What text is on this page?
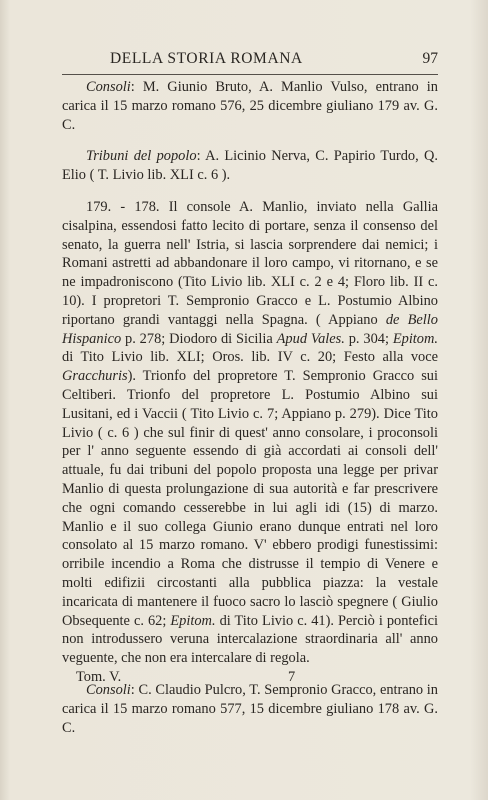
DELLA STORIA ROMANA	97

Consoli: M. Giunio Bruto, A. Manlio Vulso, entrano in carica il 15 marzo romano 576, 25 dicembre giuliano 179 av. G. C.

Tribuni del popolo: A. Licinio Nerva, C. Papirio Turdo, Q. Elio ( T. Livio lib. XLI c. 6 ).

179. - 178. Il console A. Manlio, inviato nella Gallia cisalpina, essendosi fatto lecito di portare, senza il consenso del senato, la guerra nell' Istria, si lascia sorprendere dai nemici; i Romani astretti ad abbandonare il loro campo, vi ritornano, e se ne impadroniscono (Tito Livio lib. XLI c. 2 e 4; Floro lib. II c. 10). I propretori T. Sempronio Gracco e L. Postumio Albino riportano grandi vantaggi nella Spagna. ( Appiano de Bello Hispanico p. 278; Diodoro di Sicilia Apud Vales. p. 304; Epitom. di Tito Livio lib. XLI; Oros. lib. IV c. 20; Festo alla voce Gracchuris). Trionfo del propretore T. Sempronio Gracco sui Celtiberi. Trionfo del propretore L. Postumio Albino sui Lusitani, ed i Vaccii ( Tito Livio c. 7; Appiano p. 279). Dice Tito Livio ( c. 6 ) che sul finir di quest' anno consolare, i proconsoli per l' anno seguente essendo di già accordati ai consoli dell' attuale, fu dai tribuni del popolo proposta una legge per privar Manlio di questa prolungazione di sua autorità e far prescrivere che ogni comando cesserebbe in lui agli idi (15) di marzo. Manlio e il suo collega Giunio erano dunque entrati nel loro consolato al 15 marzo romano. V' ebbero prodigi funestissimi: orribile incendio a Roma che distrusse il tempio di Venere e molti edifizii circostanti alla pubblica piazza: la vestale incaricata di mantenere il fuoco sacro lo lasciò spegnere ( Giulio Obsequente c. 62; Epitom. di Tito Livio c. 41). Perciò i pontefici non introdussero veruna intercalazione straordinaria all' anno veguente, che non era intercalare di regola.

Consoli: C. Claudio Pulcro, T. Sempronio Gracco, entrano in carica il 15 marzo romano 577, 15 dicembre giuliano 178 av. G. C.

Tom. V.	7
